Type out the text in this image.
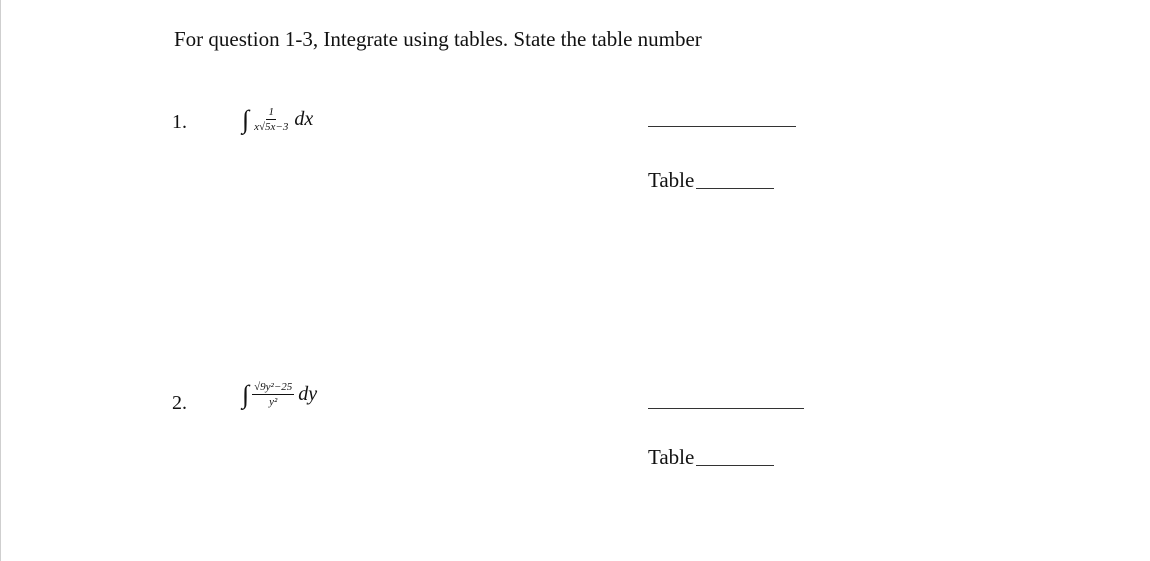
For question 1-3, Integrate using tables. State the table number
1. ∫ $\frac{1}{x√5x-3}$ dx
Table
2. ∫ $\frac{\text{√9y²−25}}{\text{y²}}$ dy
Table
